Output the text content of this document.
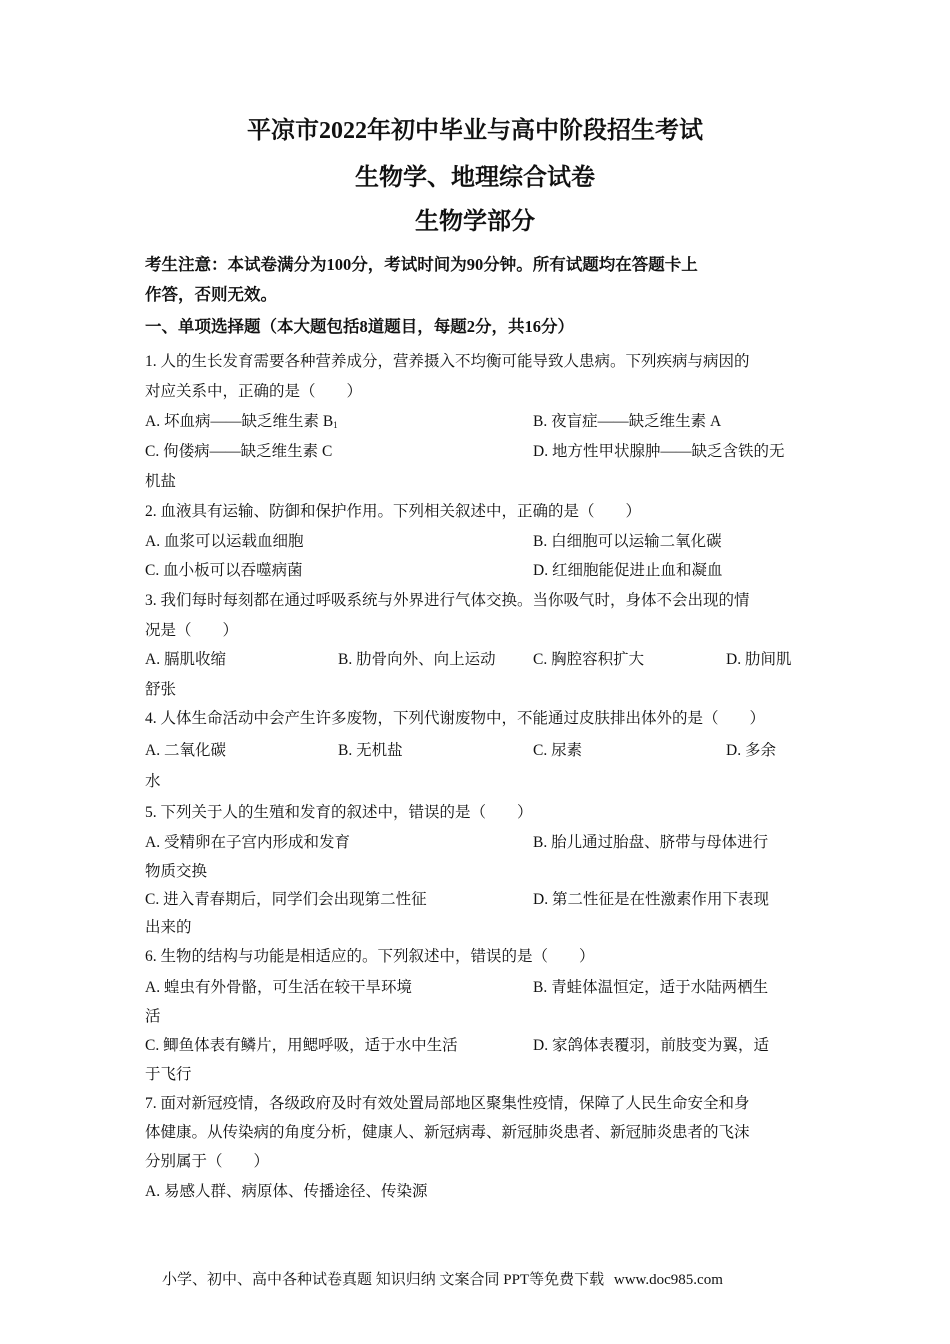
平凉市2022年初中毕业与高中阶段招生考试
生物学、地理综合试卷
生物学部分
考生注意：本试卷满分为100分，考试时间为90分钟。所有试题均在答题卡上
作答，否则无效。
一、单项选择题（本大题包括8道题目，每题2分，共16分）
1. 人的生长发育需要各种营养成分，营养摄入不均衡可能导致人患病。下列疾病与病因的
对应关系中，正确的是（　　）
A. 坏血病——缺乏维生素 $B_1$	B. 夜盲症——缺乏维生素 A
C. 佝偻病——缺乏维生素 C	D. 地方性甲状腺肿——缺乏含铁的无
机盐
2. 血液具有运输、防御和保护作用。下列相关叙述中，正确的是（　　）
A. 血浆可以运载血细胞	B. 白细胞可以运输二氧化碳
C. 血小板可以吞噬病菌	D. 红细胞能促进止血和凝血
3. 我们每时每刻都在通过呼吸系统与外界进行气体交换。当你吸气时，身体不会出现的情
况是（　　）
A. 膈肌收缩	B. 肋骨向外、向上运动 C. 胸腔容积扩大	D. 肋间肌
舒张
4. 人体生命活动中会产生许多废物，下列代谢废物中，不能通过皮肤排出体外的是（　　）
A. 二氧化碳	B. 无机盐	C. 尿素	D. 多余
水
5. 下列关于人的生殖和发育的叙述中，错误的是（　　）
A. 受精卵在子宫内形成和发育	B. 胎儿通过胎盘、脐带与母体进行
物质交换
C. 进入青春期后，同学们会出现第二性征	D. 第二性征是在性激素作用下表现
出来的
6. 生物的结构与功能是相适应的。下列叙述中，错误的是（　　）
A. 蝗虫有外骨骼，可生活在较干旱环境	B. 青蛙体温恒定，适于水陆两栖生
活
C. 鲫鱼体表有鳞片，用鳃呼吸，适于水中生活	D. 家鸽体表覆羽，前肢变为翼，适
于飞行
7. 面对新冠疫情，各级政府及时有效处置局部地区聚集性疫情，保障了人民生命安全和身
体健康。从传染病的角度分析，健康人、新冠病毒、新冠肺炎患者、新冠肺炎患者的飞沫
分别属于（　　）
A. 易感人群、病原体、传播途径、传染源
小学、初中、高中各种试卷真题 知识归纳 文案合同 PPT等免费下载 www.doc985.com
